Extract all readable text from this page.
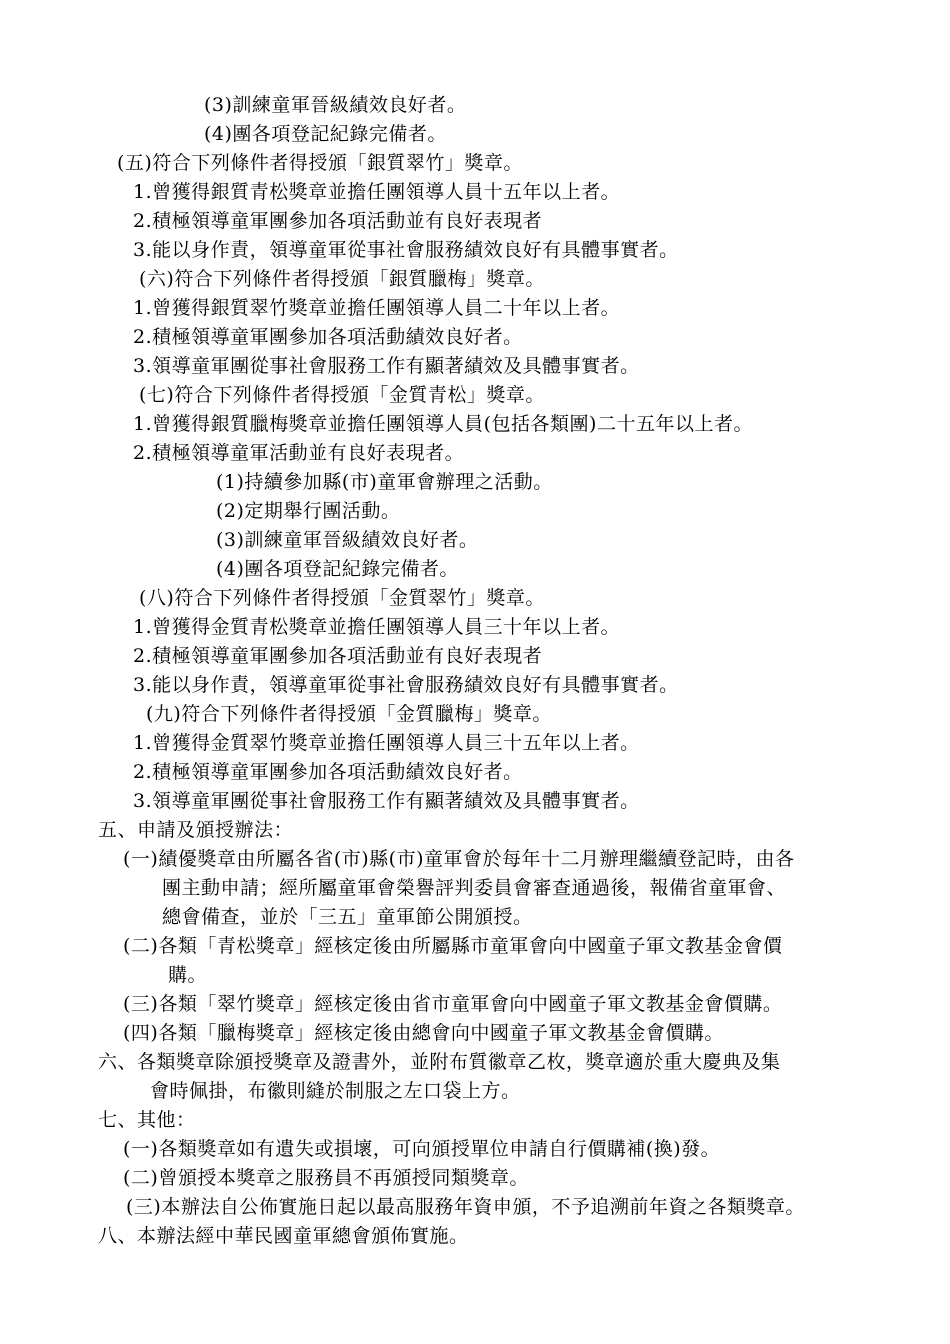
(3)訓練童軍晉級績效良好者。
(4)團各項登記紀錄完備者。
(五)符合下列條件者得授頒「銀質翠竹」獎章。
1.曾獲得銀質青松獎章並擔任團領導人員十五年以上者。
2.積極領導童軍團參加各項活動並有良好表現者
3.能以身作責，領導童軍從事社會服務績效良好有具體事實者。
(六)符合下列條件者得授頒「銀質臘梅」獎章。
1.曾獲得銀質翠竹獎章並擔任團領導人員二十年以上者。
2.積極領導童軍團參加各項活動績效良好者。
3.領導童軍團從事社會服務工作有顯著績效及具體事實者。
(七)符合下列條件者得授頒「金質青松」獎章。
1.曾獲得銀質臘梅獎章並擔任團領導人員(包括各類團)二十五年以上者。
2.積極領導童軍活動並有良好表現者。
(1)持續參加縣(市)童軍會辦理之活動。
(2)定期舉行團活動。
(3)訓練童軍晉級績效良好者。
(4)團各項登記紀錄完備者。
(八)符合下列條件者得授頒「金質翠竹」獎章。
1.曾獲得金質青松獎章並擔任團領導人員三十年以上者。
2.積極領導童軍團參加各項活動並有良好表現者
3.能以身作責，領導童軍從事社會服務績效良好有具體事實者。
(九)符合下列條件者得授頒「金質臘梅」獎章。
1.曾獲得金質翠竹獎章並擔任團領導人員三十五年以上者。
2.積極領導童軍團參加各項活動績效良好者。
3.領導童軍團從事社會服務工作有顯著績效及具體事實者。
五、申請及頒授辦法：
(一)績優獎章由所屬各省(市)縣(市)童軍會於每年十二月辦理繼續登記時，由各
團主動申請；經所屬童軍會榮譽評判委員會審查通過後，報備省童軍會、
總會備查，並於「三五」童軍節公開頒授。
(二)各類「青松獎章」經核定後由所屬縣市童軍會向中國童子軍文教基金會價
購。
(三)各類「翠竹獎章」經核定後由省市童軍會向中國童子軍文教基金會價購。
(四)各類「臘梅獎章」經核定後由總會向中國童子軍文教基金會價購。
六、各類獎章除頒授獎章及證書外，並附布質徽章乙枚，獎章適於重大慶典及集
會時佩掛，布徽則縫於制服之左口袋上方。
七、其他：
(一)各類獎章如有遺失或損壞，可向頒授單位申請自行價購補(換)發。
(二)曾頒授本獎章之服務員不再頒授同類獎章。
(三)本辦法自公佈實施日起以最高服務年資申頒，不予追溯前年資之各類獎章。
八、本辦法經中華民國童軍總會頒佈實施。
